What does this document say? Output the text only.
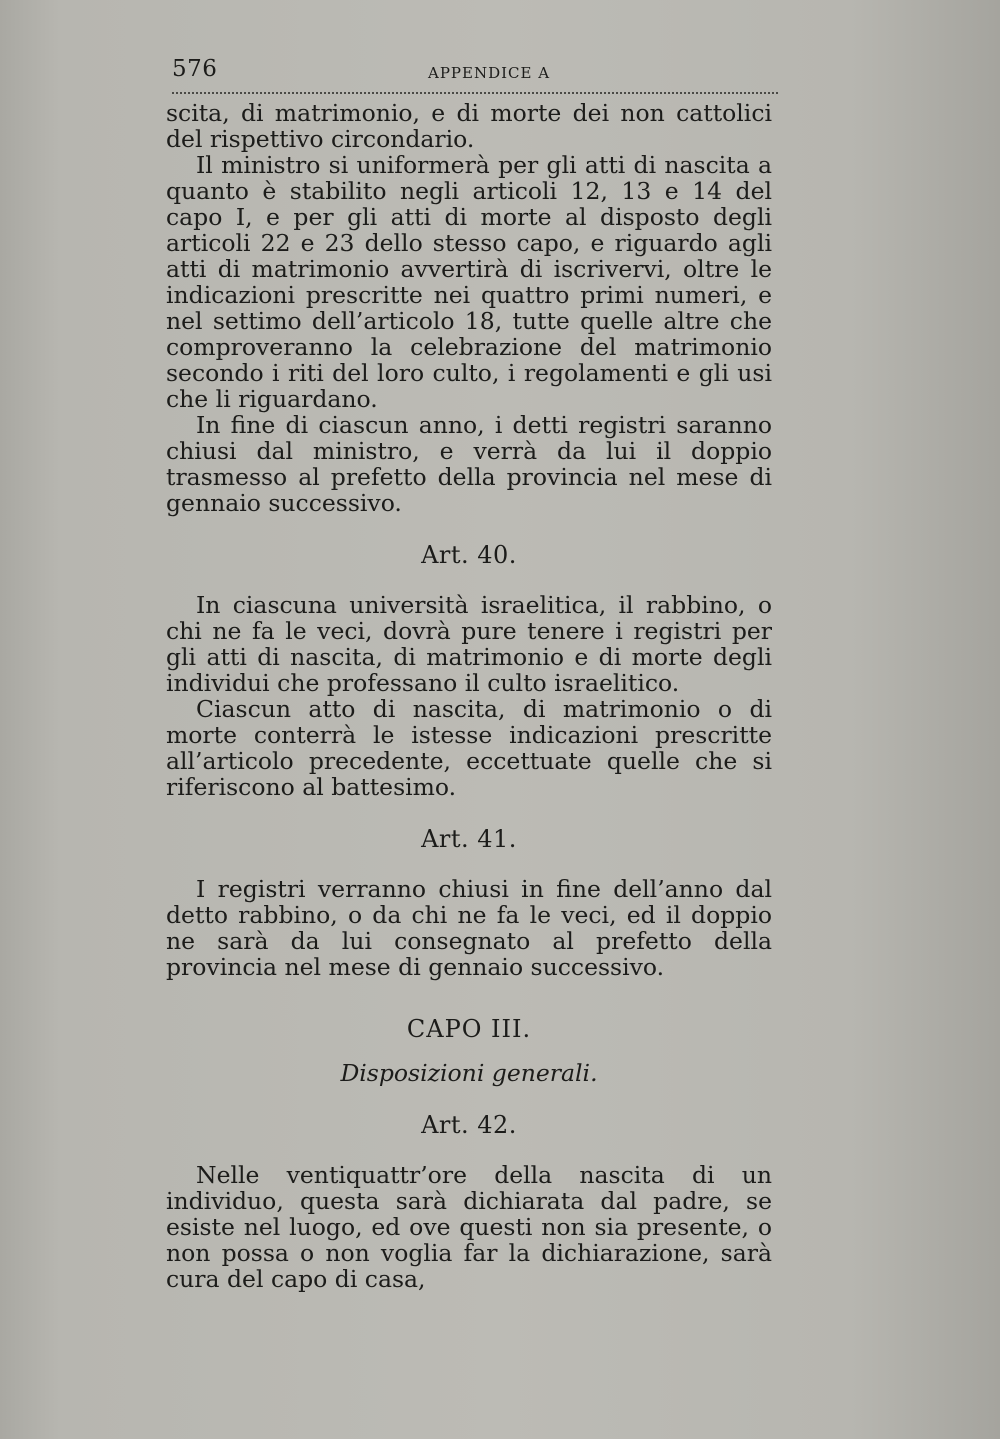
576	APPENDICE A

scita, di matrimonio, e di morte dei non cattolici del rispettivo circondario.

Il ministro si uniformerà per gli atti di nascita a quanto è stabilito negli articoli 12, 13 e 14 del capo I, e per gli atti di morte al disposto degli articoli 22 e 23 dello stesso capo, e riguardo agli atti di matrimonio avvertirà di iscrivervi, oltre le indicazioni prescritte nei quattro primi numeri, e nel settimo dell’articolo 18, tutte quelle altre che comproveranno la celebrazione del matrimonio secondo i riti del loro culto, i regolamenti e gli usi che li riguardano.

In fine di ciascun anno, i detti registri saranno chiusi dal ministro, e verrà da lui il doppio trasmesso al prefetto della provincia nel mese di gennaio successivo.

Art. 40.

In ciascuna università israelitica, il rabbino, o chi ne fa le veci, dovrà pure tenere i registri per gli atti di nascita, di matrimonio e di morte degli individui che professano il culto israelitico.

Ciascun atto di nascita, di matrimonio o di morte conterrà le istesse indicazioni prescritte all’articolo precedente, eccettuate quelle che si riferiscono al battesimo.

Art. 41.

I registri verranno chiusi in fine dell’anno dal detto rabbino, o da chi ne fa le veci, ed il doppio ne sarà da lui consegnato al prefetto della provincia nel mese di gennaio successivo.

CAPO III.
Disposizioni generali.
Art. 42.

Nelle ventiquattr’ore della nascita di un individuo, questa sarà dichiarata dal padre, se esiste nel luogo, ed ove questi non sia presente, o non possa o non voglia far la dichiarazione, sarà cura del capo di casa,
